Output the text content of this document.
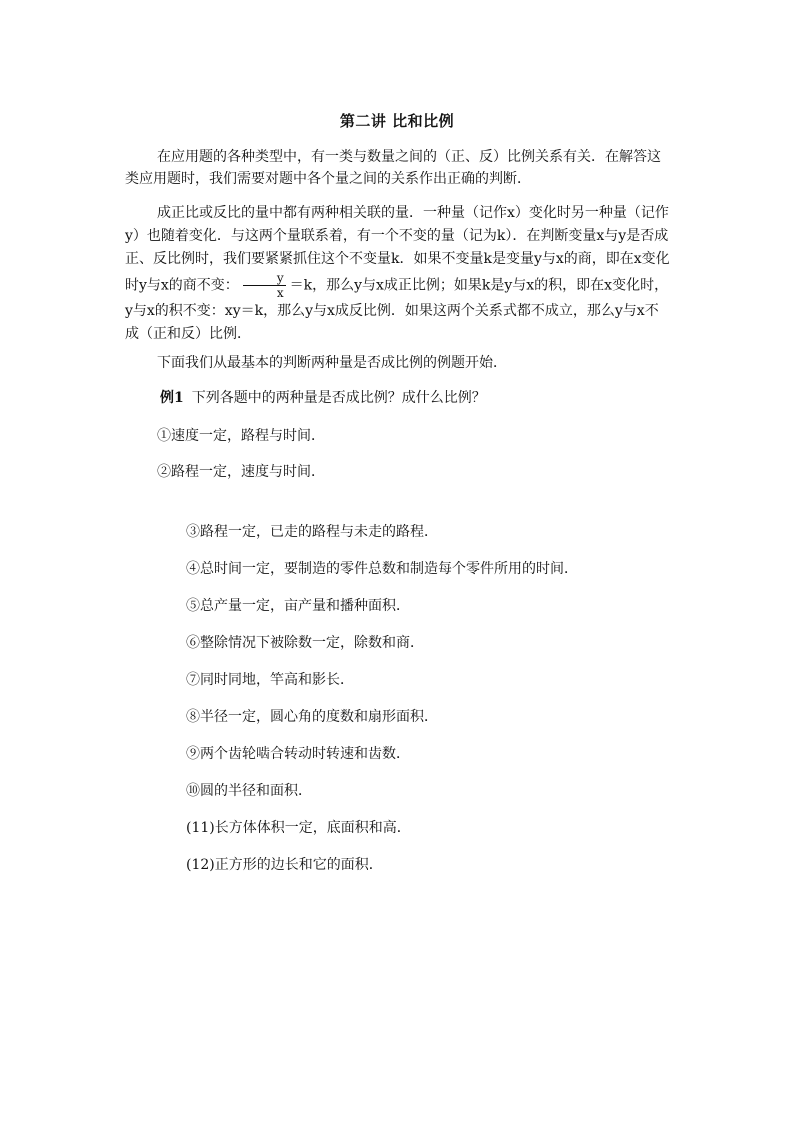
第二讲 比和比例
在应用题的各种类型中，有一类与数量之间的（正、反）比例关系有关．在解答这类应用题时，我们需要对题中各个量之间的关系作出正确的判断．
成正比或反比的量中都有两种相关联的量．一种量（记作x）变化时另一种量（记作y）也随着变化．与这两个量联系着，有一个不变的量（记为k）．在判断变量x与y是否成正、反比例时，我们要紧紧抓住这个不变量k．如果不变量k是变量y与x的商，即在x变化时y与x的商不变： $\frac{y}{x} =k$，那么y与x成正比例；如果k是y与x的积，即在x变化时，y与x的积不变：xy＝k，那么y与x成反比例．如果这两个关系式都不成立，那么y与x不成（正和反）比例．
下面我们从最基本的判断两种量是否成比例的例题开始．
例1 下列各题中的两种量是否成比例？成什么比例？
①速度一定，路程与时间．
②路程一定，速度与时间．
③路程一定，已走的路程与未走的路程．
④总时间一定，要制造的零件总数和制造每个零件所用的时间．
⑤总产量一定，亩产量和播种面积．
⑥整除情况下被除数一定，除数和商．
⑦同时同地，竿高和影长．
⑧半径一定，圆心角的度数和扇形面积．
⑨两个齿轮啮合转动时转速和齿数．
⑩圆的半径和面积．
(11)长方体体积一定，底面积和高．
(12)正方形的边长和它的面积．
